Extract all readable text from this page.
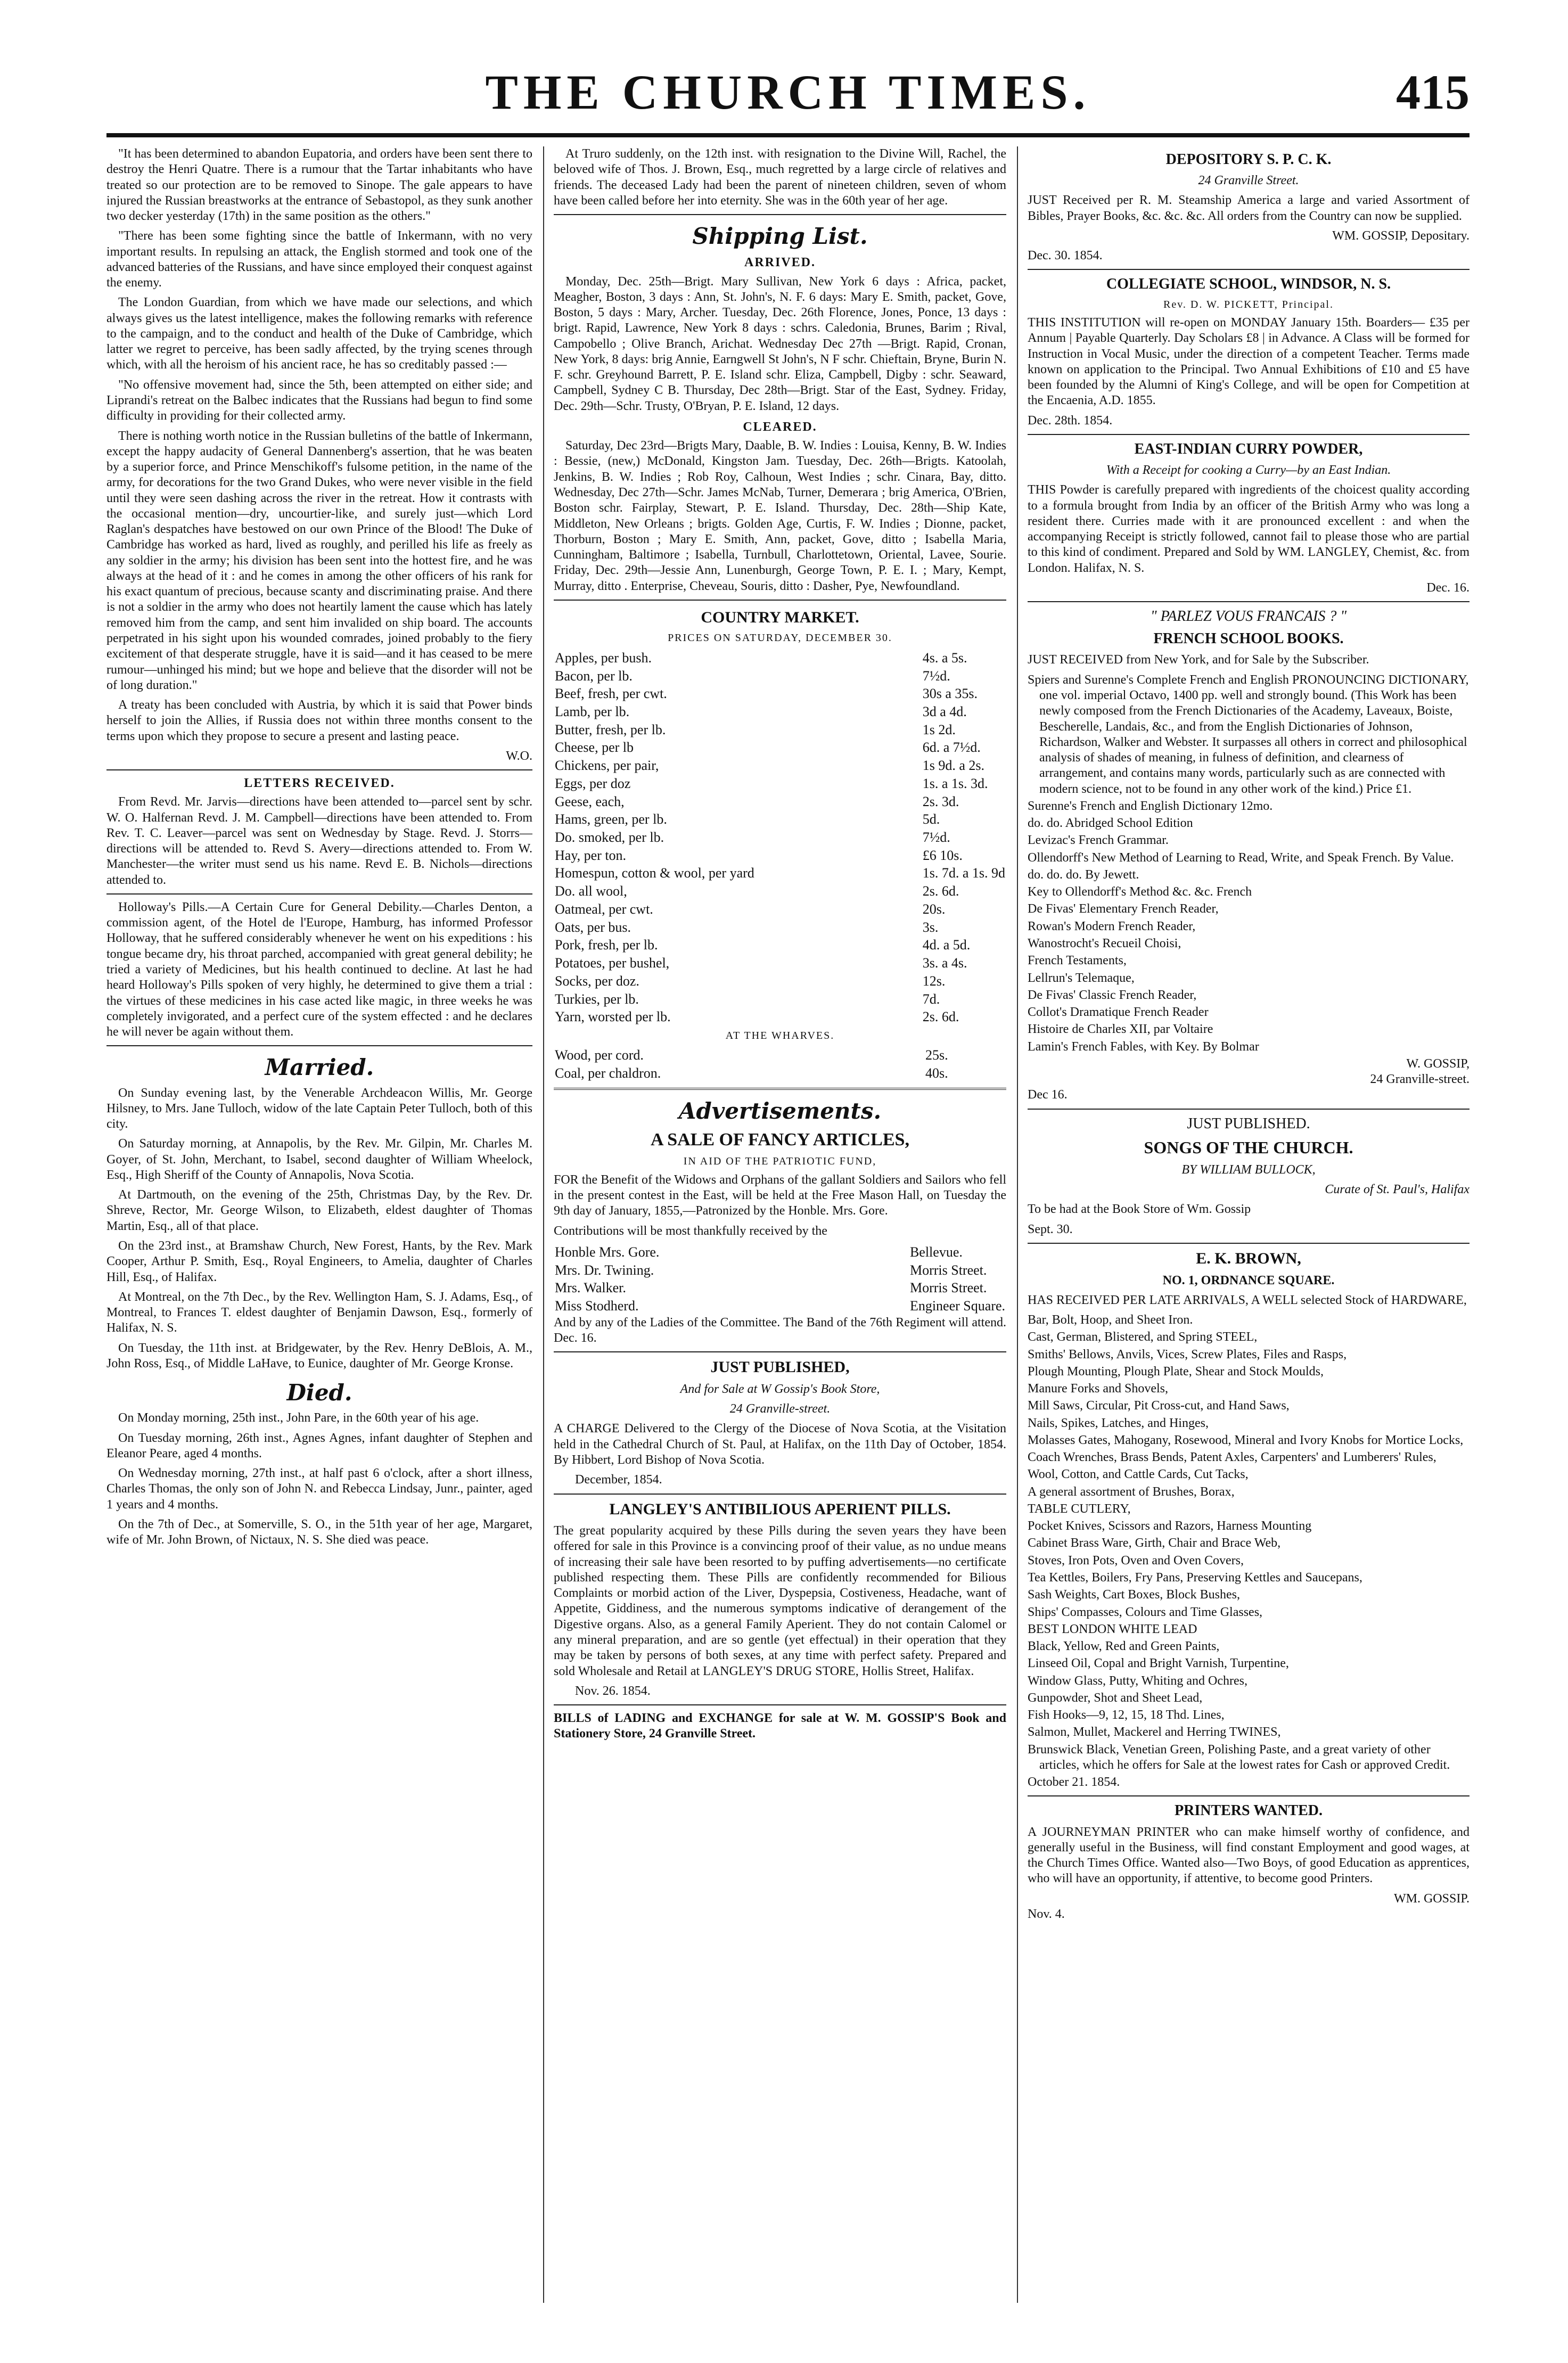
THE CHURCH TIMES.	415

"It has been determined to abandon Eupatoria, and orders have been sent there to destroy the Henri Quatre. There is a rumour that the Tartar inhabitants who have treated so our protection are to be removed to Sinope. The gale appears to have injured the Russian breastworks at the entrance of Sebastopol, as they sunk another two decker yesterday (17th) in the same position as the others."

"There has been some fighting since the battle of Inkermann, with no very important results. In repulsing an attack, the English stormed and took one of the advanced batteries of the Russians, and have since employed their conquest against the enemy.

The London Guardian, from which we have made our selections, and which always gives us the latest intelligence, makes the following remarks with reference to the campaign, and to the conduct and health of the Duke of Cambridge, which latter we regret to perceive, has been sadly affected, by the trying scenes through which, with all the heroism of his ancient race, he has so creditably passed :—

"No offensive movement had, since the 5th, been attempted on either side; and Liprandi's retreat on the Balbec indicates that the Russians had begun to find some difficulty in providing for their collected army.

There is nothing worth notice in the Russian bulletins of the battle of Inkermann, except the happy audacity of General Dannenberg's assertion, that he was beaten by a superior force, and Prince Menschikoff's fulsome petition, in the name of the army, for decorations for the two Grand Dukes, who were never visible in the field until they were seen dashing across the river in the retreat. How it contrasts with the occasional mention—dry, uncourtier-like, and surely just—which Lord Raglan's despatches have bestowed on our own Prince of the Blood! The Duke of Cambridge has worked as hard, lived as roughly, and perilled his life as freely as any soldier in the army; his division has been sent into the hottest fire, and he was always at the head of it : and he comes in among the other officers of his rank for his exact quantum of precious, because scanty and discriminating praise. And there is not a soldier in the army who does not heartily lament the cause which has lately removed him from the camp, and sent him invalided on ship board. The accounts perpetrated in his sight upon his wounded comrades, joined probably to the fiery excitement of that desperate struggle, have it is said—and it has ceased to be mere rumour—unhinged his mind; but we hope and believe that the disorder will not be of long duration."

A treaty has been concluded with Austria, by which it is said that Power binds herself to join the Allies, if Russia does not within three months consent to the terms upon which they propose to secure a present and lasting peace.

W.O.

LETTERS RECEIVED.

From Revd. Mr. Jarvis—directions have been attended to—parcel sent by schr. W. O. Halfernan Revd. J. M. Campbell—directions have been attended to. From Rev. T. C. Leaver—parcel was sent on Wednesday by Stage. Revd. J. Storrs—directions will be attended to. Revd S. Avery—directions attended to. From W. Manchester—the writer must send us his name. Revd E. B. Nichols—directions attended to.

Holloway's Pills.—A Certain Cure for General Debility.—Charles Denton, a commission agent, of the Hotel de l'Europe, Hamburg, has informed Professor Holloway, that he suffered considerably whenever he went on his expeditions : his tongue became dry, his throat parched, accompanied with great general debility; he tried a variety of Medicines, but his health continued to decline. At last he had heard Holloway's Pills spoken of very highly, he determined to give them a trial : the virtues of these medicines in his case acted like magic, in three weeks he was completely invigorated, and a perfect cure of the system effected : and he declares he will never be again without them.

Married.

On Sunday evening last, by the Venerable Archdeacon Willis, Mr. George Hilsney, to Mrs. Jane Tulloch, widow of the late Captain Peter Tulloch, both of this city.

On Saturday morning, at Annapolis, by the Rev. Mr. Gilpin, Mr. Charles M. Goyer, of St. John, Merchant, to Isabel, second daughter of William Wheelock, Esq., High Sheriff of the County of Annapolis, Nova Scotia.

At Dartmouth, on the evening of the 25th, Christmas Day, by the Rev. Dr. Shreve, Rector, Mr. George Wilson, to Elizabeth, eldest daughter of Thomas Martin, Esq., all of that place.

On the 23rd inst., at Bramshaw Church, New Forest, Hants, by the Rev. Mark Cooper, Arthur P. Smith, Esq., Royal Engineers, to Amelia, daughter of Charles Hill, Esq., of Halifax.

At Montreal, on the 7th Dec., by the Rev. Wellington Ham, S. J. Adams, Esq., of Montreal, to Frances T. eldest daughter of Benjamin Dawson, Esq., formerly of Halifax, N. S.

On Tuesday, the 11th inst. at Bridgewater, by the Rev. Henry DeBlois, A. M., John Ross, Esq., of Middle LaHave, to Eunice, daughter of Mr. George Kronse.

Died.

On Monday morning, 25th inst., John Pare, in the 60th year of his age.

On Tuesday morning, 26th inst., Agnes Agnes, infant daughter of Stephen and Eleanor Peare, aged 4 months.

On Wednesday morning, 27th inst., at half past 6 o'clock, after a short illness, Charles Thomas, the only son of John N. and Rebecca Lindsay, Junr., painter, aged 1 years and 4 months.

On the 7th of Dec., at Somerville, S. O., in the 51th year of her age, Margaret, wife of Mr. John Brown, of Nictaux, N. S. She died was peace.

At Truro suddenly, on the 12th inst. with resignation to the Divine Will, Rachel, the beloved wife of Thos. J. Brown, Esq., much regretted by a large circle of relatives and friends. The deceased Lady had been the parent of nineteen children, seven of whom have been called before her into eternity. She was in the 60th year of her age.

Shipping List.
ARRIVED.

Monday, Dec. 25th—Brigt. Mary Sullivan, New York 6 days : Africa, packet, Meagher, Boston, 3 days : Ann, St. John's, N. F. 6 days: Mary E. Smith, packet, Gove, Boston, 5 days : Mary, Archer. Tuesday, Dec. 26th Florence, Jones, Ponce, 13 days : brigt. Rapid, Lawrence, New York 8 days : schrs. Caledonia, Brunes, Barim ; Rival, Campobello ; Olive Branch, Arichat. Wednesday Dec 27th —Brigt. Rapid, Cronan, New York, 8 days: brig Annie, Earngwell St John's, N F schr. Chieftain, Bryne, Burin N. F. schr. Greyhound Barrett, P. E. Island schr. Eliza, Campbell, Digby : schr. Seaward, Campbell, Sydney C B. Thursday, Dec 28th—Brigt. Star of the East, Sydney. Friday, Dec. 29th—Schr. Trusty, O'Bryan, P. E. Island, 12 days.

CLEARED.

Saturday, Dec 23rd—Brigts Mary, Daable, B. W. Indies : Louisa, Kenny, B. W. Indies : Bessie, (new,) McDonald, Kingston Jam. Tuesday, Dec. 26th—Brigts. Katoolah, Jenkins, B. W. Indies ; Rob Roy, Calhoun, West Indies ; schr. Cinara, Bay, ditto. Wednesday, Dec 27th—Schr. James McNab, Turner, Demerara ; brig America, O'Brien, Boston schr. Fairplay, Stewart, P. E. Island. Thursday, Dec. 28th—Ship Kate, Middleton, New Orleans ; brigts. Golden Age, Curtis, F. W. Indies ; Dionne, packet, Thorburn, Boston ; Mary E. Smith, Ann, packet, Gove, ditto ; Isabella Maria, Cunningham, Baltimore ; Isabella, Turnbull, Charlottetown, Oriental, Lavee, Sourie. Friday, Dec. 29th—Jessie Ann, Lunenburgh, George Town, P. E. I. ; Mary, Kempt, Murray, ditto . Enterprise, Cheveau, Souris, ditto : Dasher, Pye, Newfoundland.

COUNTRY MARKET.

PRICES ON SATURDAY, DECEMBER 30.

Apples, per bush.	4s. a 5s.
Bacon, per lb.	7½d.
Beef, fresh, per cwt.	30s a 35s.
Lamb, per lb.	3d a 4d.
Butter, fresh, per lb.	1s 2d.
Cheese, per lb	6d. a 7½d.
Chickens, per pair,	1s 9d. a 2s.
Eggs, per doz	1s. a 1s. 3d.
Geese, each,	2s. 3d.
Hams, green, per lb.	5d.
Do. smoked, per lb.	7½d.
Hay, per ton.	£6 10s.
Homespun, cotton & wool, per yard	1s. 7d. a 1s. 9d
Do. all wool,	2s. 6d.
Oatmeal, per cwt.	20s.
Oats, per bus.	3s.
Pork, fresh, per lb.	4d. a 5d.
Potatoes, per bushel,	3s. a 4s.
Socks, per doz.	12s.
Turkies, per lb.	7d.
Yarn, worsted per lb.	2s. 6d.

AT THE WHARVES.

Wood, per cord.	25s.
Coal, per chaldron.	40s.
Advertisements.

A SALE OF FANCY ARTICLES,

IN AID OF THE PATRIOTIC FUND,

FOR the Benefit of the Widows and Orphans of the gallant Soldiers and Sailors who fell in the present contest in the East, will be held at the Free Mason Hall, on Tuesday the 9th day of January, 1855,—Patronized by the Honble. Mrs. Gore.

Contributions will be most thankfully received by the

Honble Mrs. Gore.	Bellevue.
Mrs. Dr. Twining.	Morris Street.
Mrs. Walker.	Morris Street.
Miss Stodherd.	Engineer Square.

And by any of the Ladies of the Committee. The Band of the 76th Regiment will attend. Dec. 16.

JUST PUBLISHED,

And for Sale at W Gossip's Book Store,

24 Granville-street.

A CHARGE Delivered to the Clergy of the Diocese of Nova Scotia, at the Visitation held in the Cathedral Church of St. Paul, at Halifax, on the 11th Day of October, 1854. By Hibbert, Lord Bishop of Nova Scotia.

December, 1854.

LANGLEY'S ANTIBILIOUS APERIENT PILLS.

The great popularity acquired by these Pills during the seven years they have been offered for sale in this Province is a convincing proof of their value, as no undue means of increasing their sale have been resorted to by puffing advertisements—no certificate published respecting them. These Pills are confidently recommended for Bilious Complaints or morbid action of the Liver, Dyspepsia, Costiveness, Headache, want of Appetite, Giddiness, and the numerous symptoms indicative of derangement of the Digestive organs. Also, as a general Family Aperient. They do not contain Calomel or any mineral preparation, and are so gentle (yet effectual) in their operation that they may be taken by persons of both sexes, at any time with perfect safety. Prepared and sold Wholesale and Retail at LANGLEY'S DRUG STORE, Hollis Street, Halifax.

Nov. 26. 1854.

BILLS of LADING and EXCHANGE for sale at W. M. GOSSIP'S Book and Stationery Store, 24 Granville Street.

DEPOSITORY S. P. C. K.

24 Granville Street.

JUST Received per R. M. Steamship America a large and varied Assortment of Bibles, Prayer Books, &c. &c. &c. All orders from the Country can now be supplied.

WM. GOSSIP, Depositary.

Dec. 30. 1854.

COLLEGIATE SCHOOL, WINDSOR, N. S.

Rev. D. W. PICKETT, Principal.

THIS INSTITUTION will re-open on MONDAY January 15th. Boarders— £35 per Annum | Payable Quarterly. Day Scholars £8 | in Advance. A Class will be formed for Instruction in Vocal Music, under the direction of a competent Teacher. Terms made known on application to the Principal. Two Annual Exhibitions of £10 and £5 have been founded by the Alumni of King's College, and will be open for Competition at the Encaenia, A.D. 1855.

Dec. 28th. 1854.

EAST-INDIAN CURRY POWDER,

With a Receipt for cooking a Curry—by an East Indian.

THIS Powder is carefully prepared with ingredients of the choicest quality according to a formula brought from India by an officer of the British Army who was long a resident there. Curries made with it are pronounced excellent : and when the accompanying Receipt is strictly followed, cannot fail to please those who are partial to this kind of condiment. Prepared and Sold by WM. LANGLEY, Chemist, &c. from London. Halifax, N. S.

Dec. 16.

" PARLEZ VOUS FRANCAIS ? "

FRENCH SCHOOL BOOKS.

JUST RECEIVED from New York, and for Sale by the Subscriber.

Spiers and Surenne's Complete French and English PRONOUNCING DICTIONARY, one vol. imperial Octavo, 1400 pp. well and strongly bound. (This Work has been newly composed from the French Dictionaries of the Academy, Laveaux, Boiste, Bescherelle, Landais, &c., and from the English Dictionaries of Johnson, Richardson, Walker and Webster. It surpasses all others in correct and philosophical analysis of shades of meaning, in fulness of definition, and clearness of arrangement, and contains many words, particularly such as are connected with modern science, not to be found in any other work of the kind.) Price £1.
Surenne's French and English Dictionary 12mo.
do. do. Abridged School Edition
Levizac's French Grammar.
Ollendorff's New Method of Learning to Read, Write, and Speak French. By Value.
do. do. do. By Jewett.
Key to Ollendorff's Method &c. &c. French
De Fivas' Elementary French Reader,
Rowan's Modern French Reader,
Wanostrocht's Recueil Choisi,
French Testaments,
Lellrun's Telemaque,
De Fivas' Classic French Reader,
Collot's Dramatique French Reader
Histoire de Charles XII, par Voltaire
Lamin's French Fables, with Key. By Bolmar

W. GOSSIP,

24 Granville-street.

Dec 16.

JUST PUBLISHED.

SONGS OF THE CHURCH.

BY WILLIAM BULLOCK,

Curate of St. Paul's, Halifax

To be had at the Book Store of Wm. Gossip

Sept. 30.

E. K. BROWN,

NO. 1, ORDNANCE SQUARE.

HAS RECEIVED PER LATE ARRIVALS, A WELL selected Stock of HARDWARE,

Bar, Bolt, Hoop, and Sheet Iron.
Cast, German, Blistered, and Spring STEEL,
Smiths' Bellows, Anvils, Vices, Screw Plates, Files and Rasps,
Plough Mounting, Plough Plate, Shear and Stock Moulds,
Manure Forks and Shovels,
Mill Saws, Circular, Pit Cross-cut, and Hand Saws,
Nails, Spikes, Latches, and Hinges,
Molasses Gates, Mahogany, Rosewood, Mineral and Ivory Knobs for Mortice Locks,
Coach Wrenches, Brass Bends, Patent Axles, Carpenters' and Lumberers' Rules,
Wool, Cotton, and Cattle Cards, Cut Tacks,
A general assortment of Brushes, Borax,
TABLE CUTLERY,
Pocket Knives, Scissors and Razors, Harness Mounting
Cabinet Brass Ware, Girth, Chair and Brace Web,
Stoves, Iron Pots, Oven and Oven Covers,
Tea Kettles, Boilers, Fry Pans, Preserving Kettles and Saucepans,
Sash Weights, Cart Boxes, Block Bushes,
Ships' Compasses, Colours and Time Glasses,
BEST LONDON WHITE LEAD
Black, Yellow, Red and Green Paints,
Linseed Oil, Copal and Bright Varnish, Turpentine,
Window Glass, Putty, Whiting and Ochres,
Gunpowder, Shot and Sheet Lead,
Fish Hooks—9, 12, 15, 18 Thd. Lines,
Salmon, Mullet, Mackerel and Herring TWINES,
Brunswick Black, Venetian Green, Polishing Paste, and a great variety of other articles, which he offers for Sale at the lowest rates for Cash or approved Credit.

October 21. 1854.

PRINTERS WANTED.

A JOURNEYMAN PRINTER who can make himself worthy of confidence, and generally useful in the Business, will find constant Employment and good wages, at the Church Times Office. Wanted also—Two Boys, of good Education as apprentices, who will have an opportunity, if attentive, to become good Printers.

WM. GOSSIP.

Nov. 4.
